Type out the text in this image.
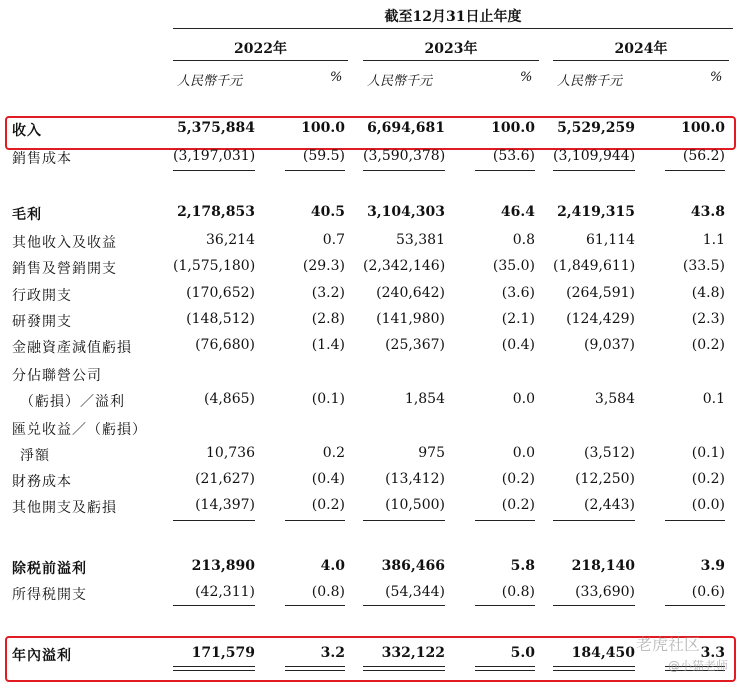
截至12月31日止年度
2022年	2023年	2024年
人民幣千元	% 人民幣千元	% 人民幣千元	%
收入	5,375,884	100.0 6,694,681	100.0 5,529,259	100.0
銷售成本	(3,197,031)	(59.5) (3,590,378)	(53.6) (3,109,944)	(56.2)
毛利	2,178,853	40.5 3,104,303	46.4 2,419,315	43.8
其他收入及收益	36,214	0.7	53,381	0.8	61,114	1.1
銷售及營銷開支	(1,575,180)	(29.3) (2,342,146)	(35.0) (1,849,611)	(33.5)
行政開支	(170,652)	(3.2)	(240,642)	(3.6)	(264,591)	(4.8)
研發開支	(148,512)	(2.8)	(141,980)	(2.1)	(124,429)	(2.3)
金融資產減值虧損	(76,680)	(1.4)	(25,367)	(0.4)	(9,037)	(0.2)
分佔聯營公司
（虧損）／溢利	(4,865)	(0.1)	1,854	0.0	3,584	0.1
匯兑收益／（虧損）
淨額	10,736	0.2	975	0.0	(3,512)	(0.1)
財務成本	(21,627)	(0.4)	(13,412)	(0.2)	(12,250)	(0.2)
其他開支及虧損	(14,397)	(0.2)	(10,500)	(0.2)	(2,443)	(0.0)
除税前溢利	213,890	4.0	386,466	5.8	218,140	3.9
所得税開支	(42,311)	(0.8)	(54,344)	(0.8)	(33,690)	(0.6)
年內溢利	171,579	3.2	332,122	5.0	184,450	3.3
老虎社区
@小猫老师
